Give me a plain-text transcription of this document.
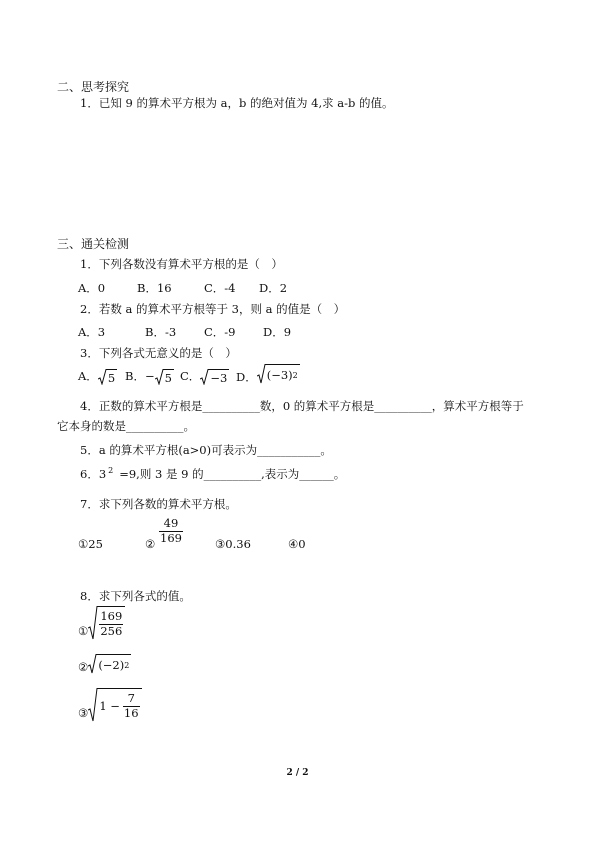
二、思考探究
1．已知 9 的算术平方根为 a，b 的绝对值为 4,求 a-b 的值。
三、通关检测
1．下列各数没有算术平方根的是（　）
A．0	B．16	C．-4 D．2
2．若数 a 的算术平方根等于 3，则 a 的值是（　）
A．3	B．-3 C．-9 D．9
3．下列各式无意义的是（　）
A． 5 B．− 5 C． −3 D． (−3) 2
4．正数的算术平方根是__________数，0 的算术平方根是__________，算术平方根等于
它本身的数是__________。
5．a 的算术平方根(a>0)可表示为___________。
6．3 $^2$ =9,则 3 是 9 的__________,表示为______。
7．求下列各数的算术平方根。
①25	② $\frac{49}{169}$	③0.36	④0
8．求下列各式的值。
① $\frac{169}{256}$
② (−2) 2
③ $1 - \frac{7}{16}$
2 / 2
